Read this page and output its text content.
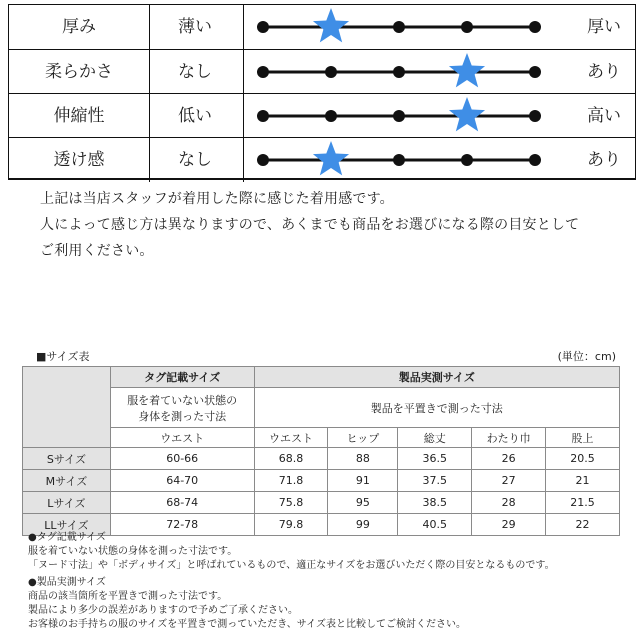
厚み	薄い	厚い
柔らかさ	なし	あり
伸縮性	低い	高い
透け感	なし	あり
上記は当店スタッフが着用した際に感じた着用感です。
人によって感じ方は異なりますので、あくまでも商品をお選びになる際の目安として
ご利用ください。
■サイズ表	(単位：cm)
	タグ記載サイズ	製品実測サイズ				

	服を着ていない状態の
身体を測った寸法	製品を平置きで測った寸法				
	ウエスト	ウエスト	ヒップ	総丈	わたり巾	股上
Sサイズ	60-66	68.8	88	36.5	26	20.5
Mサイズ	64-70	71.8	91	37.5	27	21
Lサイズ	68-74	75.8	95	38.5	28	21.5
LLサイズ	72-78	79.8	99	40.5	29	22
●タグ記載サイズ
服を着ていない状態の身体を測った寸法です。
「ヌード寸法」や「ボディサイズ」と呼ばれているもので、適正なサイズをお選びいただく際の目安となるものです。
●製品実測サイズ
商品の該当箇所を平置きで測った寸法です。
製品により多少の誤差がありますので予めご了承ください。
お客様のお手持ちの服のサイズを平置きで測っていただき、サイズ表と比較してご検討ください。
